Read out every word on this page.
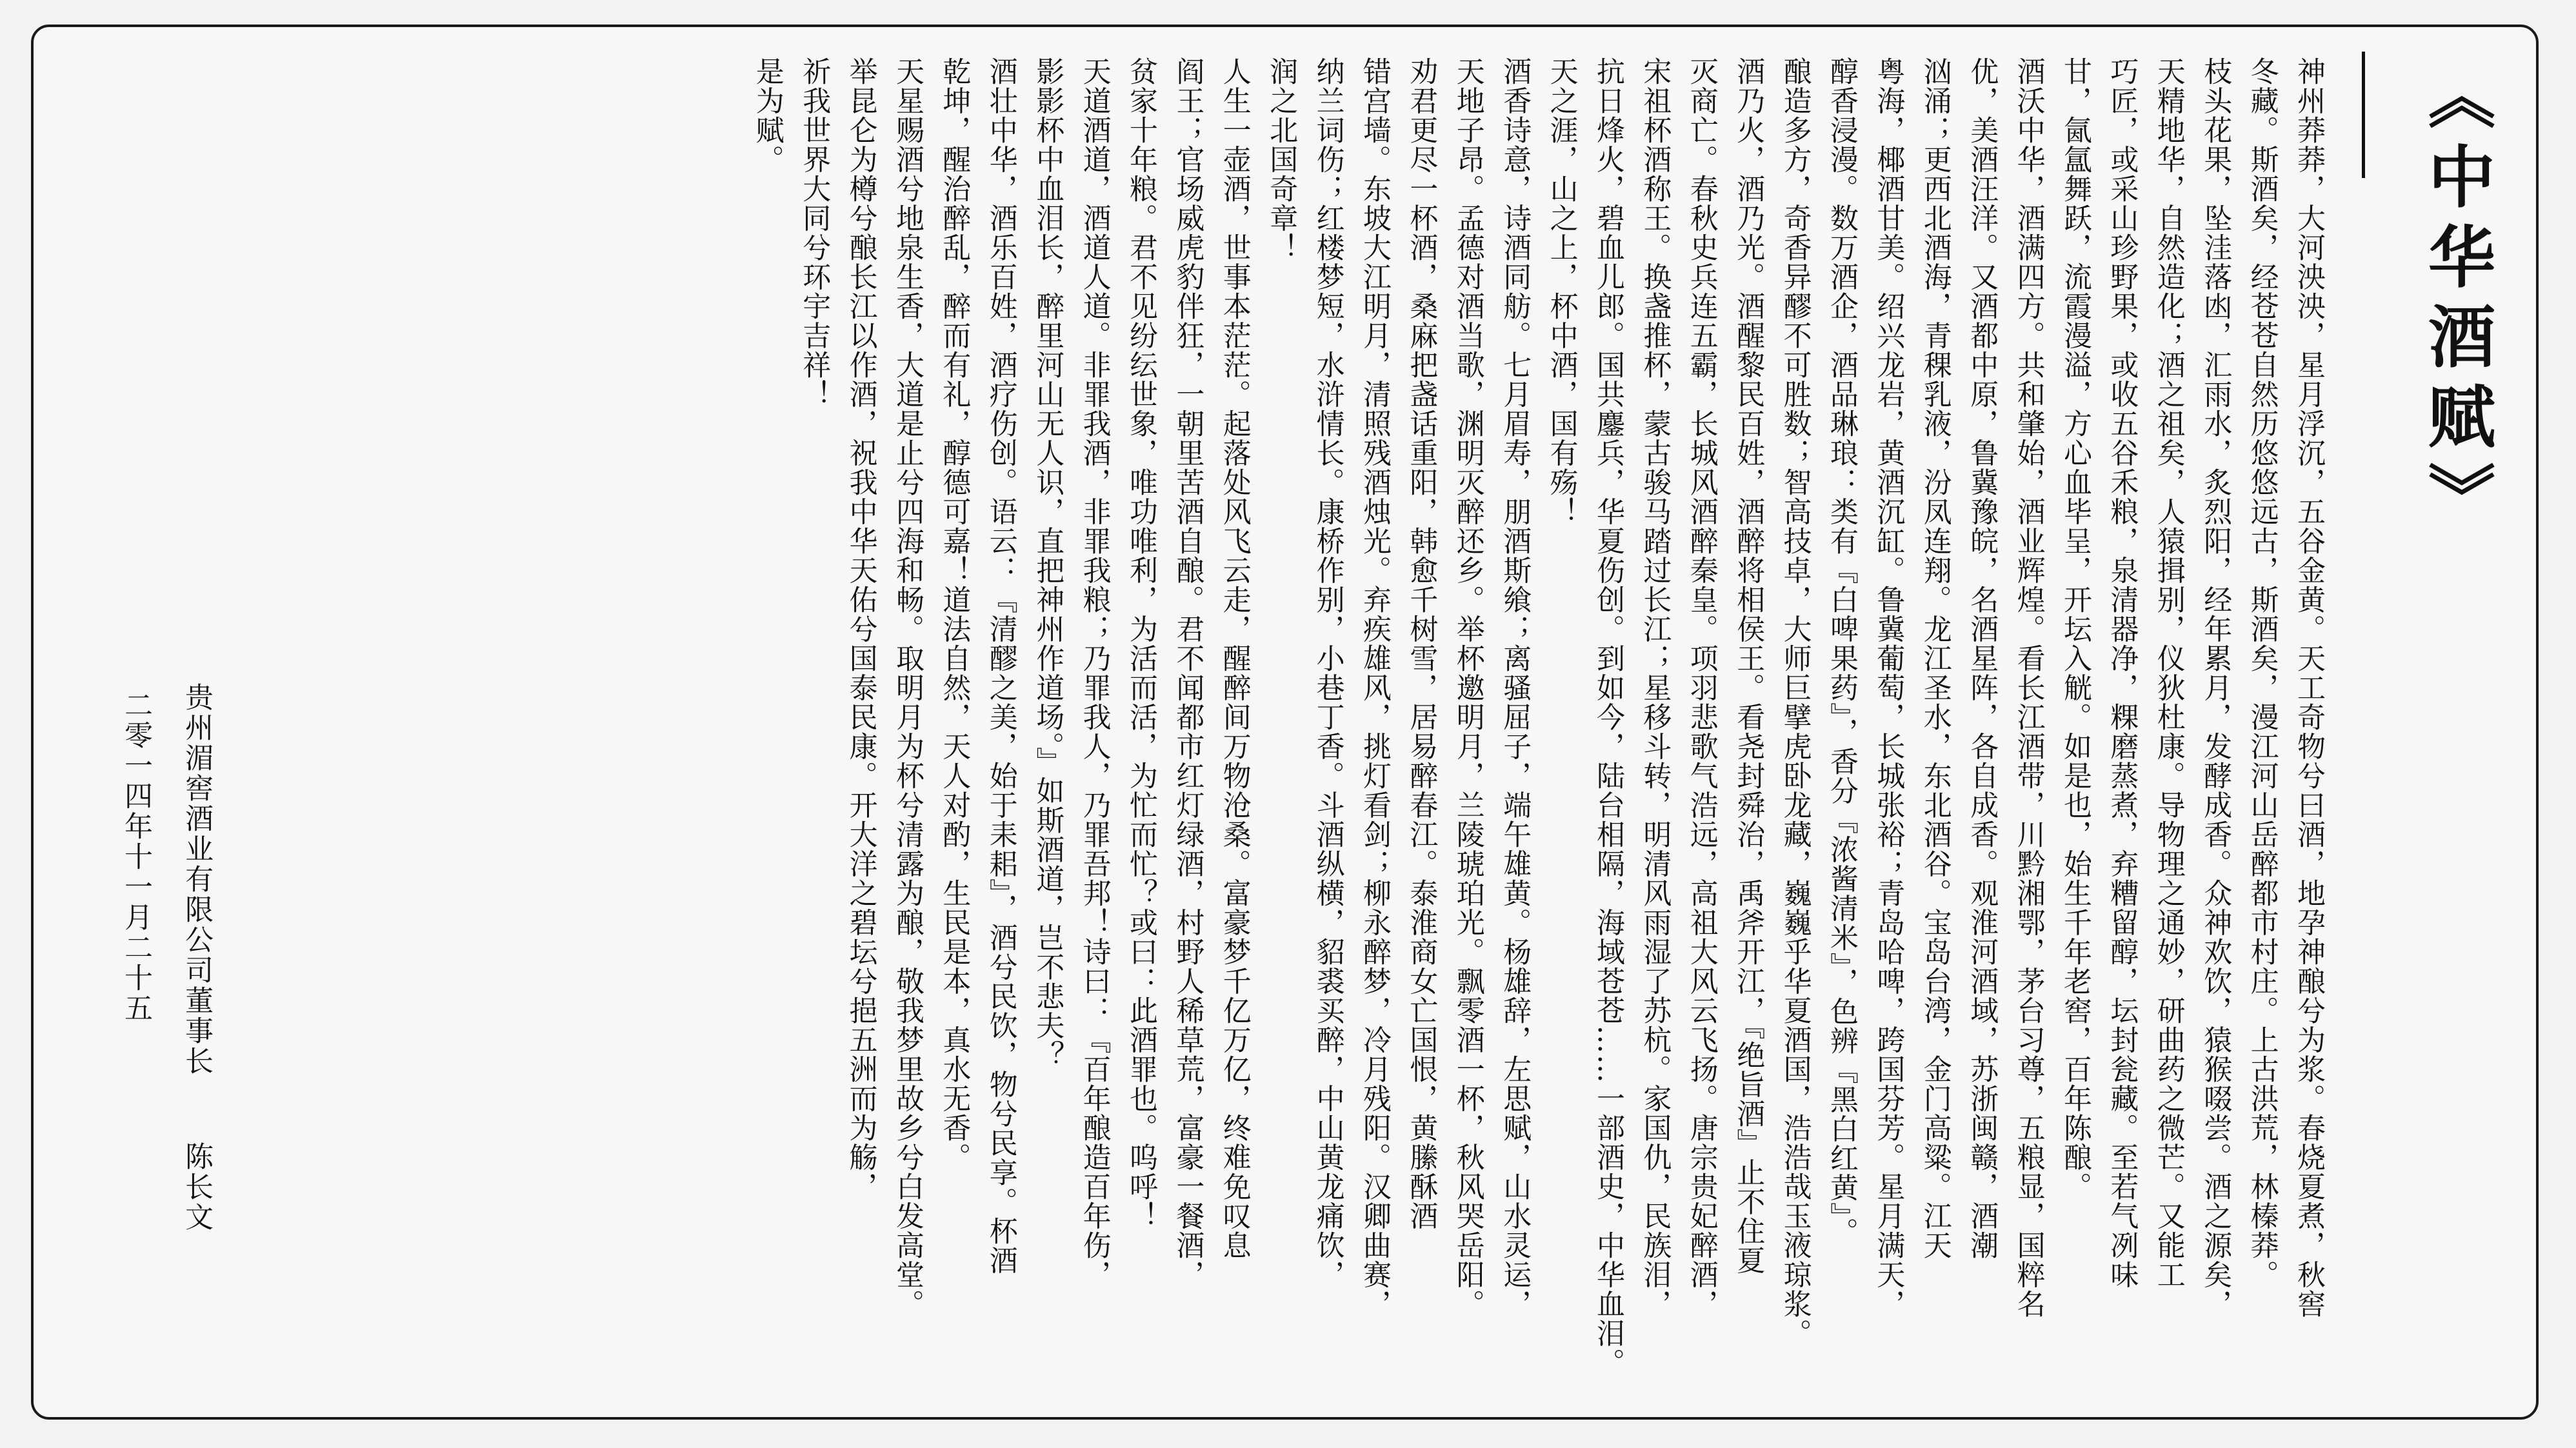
《中华酒赋》
神州莽莽，大河泱泱，星月浮沉，五谷金黄。天工奇物兮曰酒，地孕神酿兮为浆。春烧夏煮，秋窖
冬藏。斯酒矣，经苍苍自然历悠悠远古，斯酒矣，漫江河山岳醉都市村庄。上古洪荒，林榛莽。
枝头花果，坠洼落凼，汇雨水，炙烈阳，经年累月，发酵成香。众神欢饮，猿猴啜尝。酒之源矣，
天精地华，自然造化；酒之祖矣，人猿揖别，仪狄杜康。导物理之通妙，研曲药之微芒。又能工
巧匠，或采山珍野果，或收五谷禾粮，泉清器净，粿磨蒸煮，弃糟留醇，坛封瓮藏。至若气冽味
甘，氤氲舞跃，流霞漫溢，方心血毕呈，开坛入觥。如是也，始生千年老窖，百年陈酿。
酒沃中华，酒满四方。共和肇始，酒业辉煌。看长江酒带，川黔湘鄂，茅台习尊，五粮显，国粹名
优，美酒汪洋。又酒都中原，鲁冀豫皖，名酒星阵，各自成香。观淮河酒域，苏浙闽赣，酒潮
汹涌；更西北酒海，青稞乳液，汾凤连翔。龙江圣水，东北酒谷。宝岛台湾，金门高粱。江天
粤海，椰酒甘美。绍兴龙岩，黄酒沉缸。鲁冀葡萄，长城张裕；青岛哈啤，跨国芬芳。星月满天，
醇香浸漫。数万酒企，酒品琳琅：类有『白啤果药』，香分『浓酱清米』，色辨『黑白红黄』。
酿造多方，奇香异醪不可胜数；智高技卓，大师巨擘虎卧龙藏，巍巍乎华夏酒国，浩浩哉玉液琼浆。
酒乃火，酒乃光。酒醒黎民百姓，酒醉将相侯王。看尧封舜治，禹斧开江，『绝旨酒』止不住夏
灭商亡。春秋史兵连五霸，长城风酒醉秦皇。项羽悲歌气浩远，高祖大风云飞扬。唐宗贵妃醉酒，
宋祖杯酒称王。换盏推杯，蒙古骏马踏过长江；星移斗转，明清风雨湿了苏杭。家国仇，民族泪，
抗日烽火，碧血儿郎。国共鏖兵，华夏伤创。到如今，陆台相隔，海域苍苍……一部酒史，中华血泪。
天之涯，山之上，杯中酒，国有殇！
酒香诗意，诗酒同舫。七月眉寿，朋酒斯飨；离骚屈子，端午雄黄。杨雄辞，左思赋，山水灵运，
天地子昂。孟德对酒当歌，渊明灭醉还乡。举杯邀明月，兰陵琥珀光。飘零酒一杯，秋风哭岳阳。
劝君更尽一杯酒，桑麻把盏话重阳，韩愈千树雪，居易醉春江。泰淮商女亡国恨，黄縢酥酒
错宫墙。东坡大江明月，清照残酒烛光。弃疾雄风，挑灯看剑；柳永醉梦，冷月残阳。汉卿曲赛，
纳兰词伤；红楼梦短，水浒情长。康桥作别，小巷丁香。斗酒纵横，貂裘买醉，中山黄龙痛饮，
润之北国奇章！
人生一壶酒，世事本茫茫。起落处风飞云走，醒醉间万物沧桑。富豪梦千亿万亿，终难免叹息
阎王；官场威虎豹伴狂，一朝里苦酒自酿。君不闻都市红灯绿酒，村野人稀草荒，富豪一餐酒，
贫家十年粮。君不见纷纭世象，唯功唯利，为活而活，为忙而忙？或曰：此酒罪也。呜呼！
天道酒道，酒道人道。非罪我酒，非罪我粮；乃罪我人，乃罪吾邦！诗曰：『百年酿造百年伤，
影影杯中血泪长，醉里河山无人识，直把神州作道场。』如斯酒道，岂不悲夫？
酒壮中华，酒乐百姓，酒疗伤创。语云：『清醪之美，始于耒耜』，酒兮民饮，物兮民享。杯酒
乾坤，醒治醉乱，醉而有礼，醇德可嘉！道法自然，天人对酌，生民是本，真水无香。
天星赐酒兮地泉生香，大道是止兮四海和畅。取明月为杯兮清露为酿，敬我梦里故乡兮白发高堂。
举昆仑为樽兮酿长江以作酒，祝我中华天佑兮国泰民康。开大洋之碧坛兮挹五洲而为觞，
祈我世界大同兮环宇吉祥！
是为赋。
贵州湄窖酒业有限公司董事长
陈长文
二零一四年十一月二十五
